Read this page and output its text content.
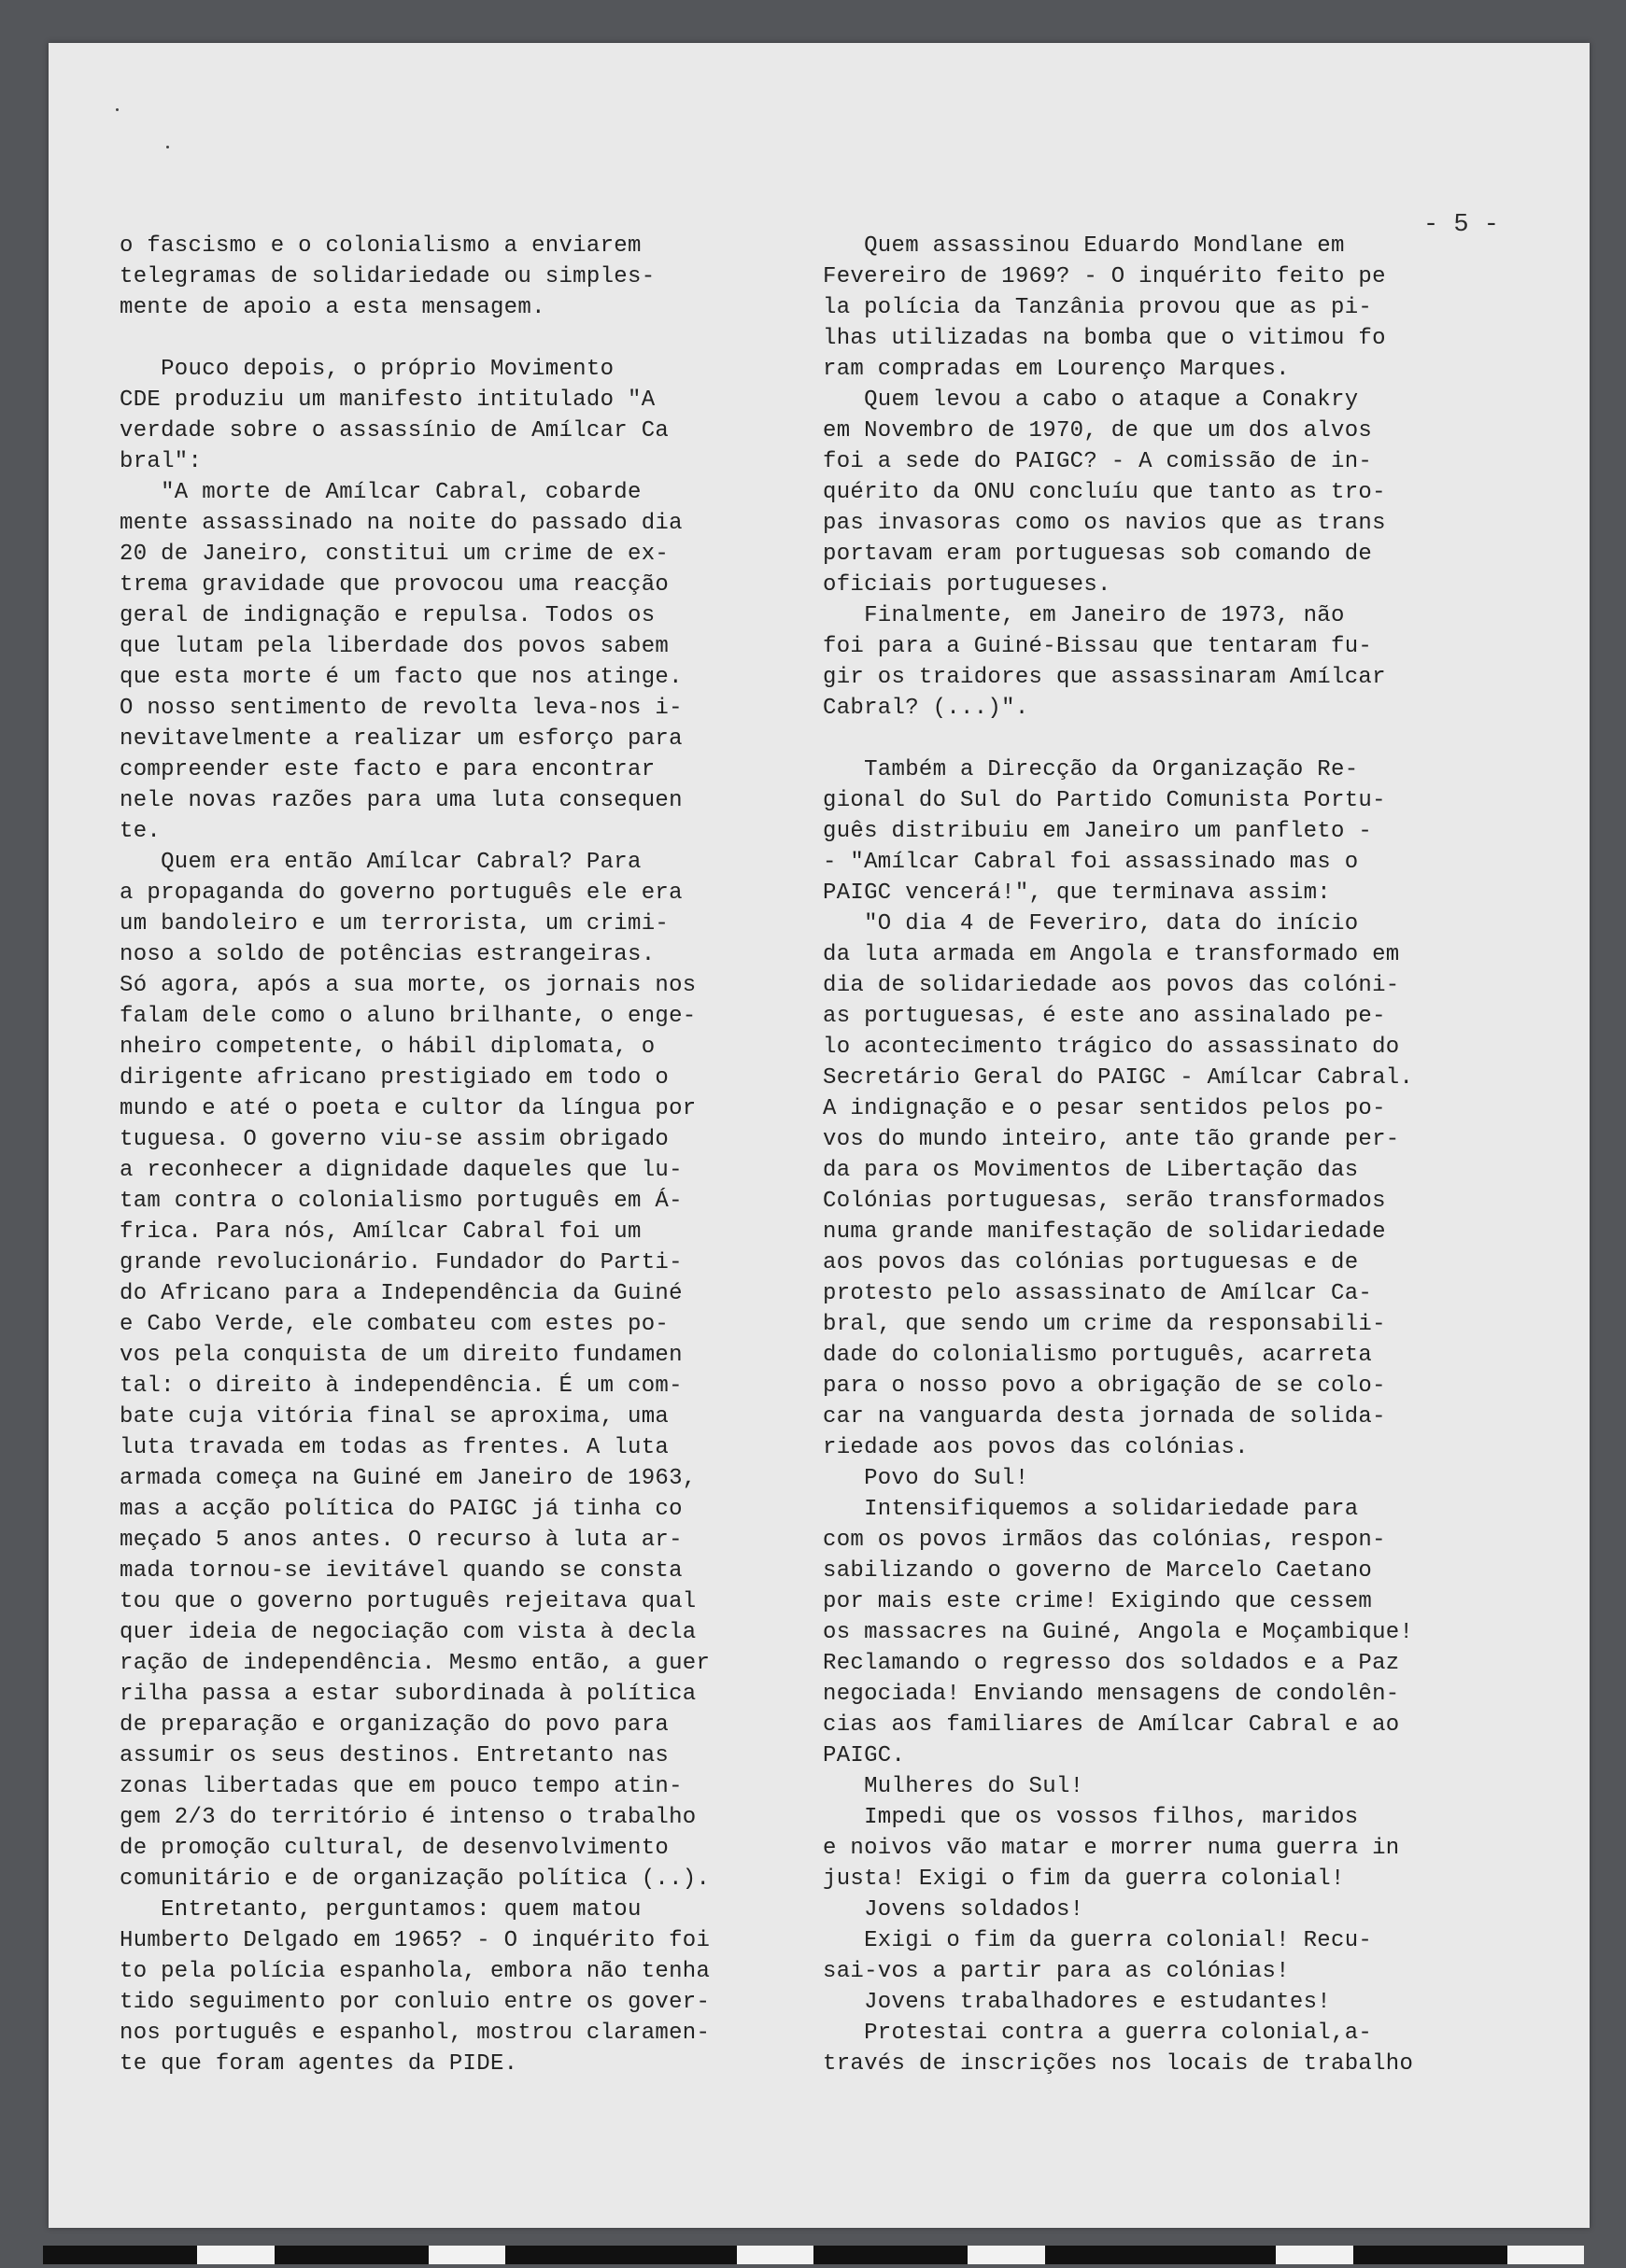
- 5 -
o fascismo e o colonialismo a enviarem
telegramas de solidariedade ou simples-
mente de apoio a esta mensagem.
Pouco depois, o próprio Movimento
CDE produziu um manifesto intitulado "A
verdade sobre o assassínio de Amílcar Ca
bral":
"A morte de Amílcar Cabral, cobarde
mente assassinado na noite do passado dia
20 de Janeiro, constitui um crime de ex-
trema gravidade que provocou uma reacção
geral de indignação e repulsa. Todos os
que lutam pela liberdade dos povos sabem
que esta morte é um facto que nos atinge.
O nosso sentimento de revolta leva-nos i-
nevitavelmente a realizar um esforço para
compreender este facto e para encontrar
nele novas razões para uma luta consequen
te.
Quem era então Amílcar Cabral? Para
a propaganda do governo português ele era
um bandoleiro e um terrorista, um crimi-
noso a soldo de potências estrangeiras.
Só agora, após a sua morte, os jornais nos
falam dele como o aluno brilhante, o enge-
nheiro competente, o hábil diplomata, o
dirigente africano prestigiado em todo o
mundo e até o poeta e cultor da língua por
tuguesa. O governo viu-se assim obrigado
a reconhecer a dignidade daqueles que lu-
tam contra o colonialismo português em Á-
frica. Para nós, Amílcar Cabral foi um
grande revolucionário. Fundador do Parti-
do Africano para a Independência da Guiné
e Cabo Verde, ele combateu com estes po-
vos pela conquista de um direito fundamen
tal: o direito à independência. É um com-
bate cuja vitória final se aproxima, uma
luta travada em todas as frentes. A luta
armada começa na Guiné em Janeiro de 1963,
mas a acção política do PAIGC já tinha co
meçado 5 anos antes. O recurso à luta ar-
mada tornou-se ievitável quando se consta
tou que o governo português rejeitava qual
quer ideia de negociação com vista à decla
ração de independência. Mesmo então, a guer
rilha passa a estar subordinada à política
de preparação e organização do povo para
assumir os seus destinos. Entretanto nas
zonas libertadas que em pouco tempo atin-
gem 2/3 do território é intenso o trabalho
de promoção cultural, de desenvolvimento
comunitário e de organização política (..).
Entretanto, perguntamos: quem matou
Humberto Delgado em 1965? - O inquérito foi
to pela polícia espanhola, embora não tenha
tido seguimento por conluio entre os gover-
nos português e espanhol, mostrou claramen-
te que foram agentes da PIDE.
Quem assassinou Eduardo Mondlane em
Fevereiro de 1969? - O inquérito feito pe
la polícia da Tanzânia provou que as pi-
lhas utilizadas na bomba que o vitimou fo
ram compradas em Lourenço Marques.
Quem levou a cabo o ataque a Conakry
em Novembro de 1970, de que um dos alvos
foi a sede do PAIGC? - A comissão de in-
quérito da ONU concluíu que tanto as tro-
pas invasoras como os navios que as trans
portavam eram portuguesas sob comando de
oficiais portugueses.
Finalmente, em Janeiro de 1973, não
foi para a Guiné-Bissau que tentaram fu-
gir os traidores que assassinaram Amílcar
Cabral? (...)".
Também a Direcção da Organização Re-
gional do Sul do Partido Comunista Portu-
guês distribuiu em Janeiro um panfleto -
- "Amílcar Cabral foi assassinado mas o
PAIGC vencerá!", que terminava assim:
"O dia 4 de Feveriro, data do início
da luta armada em Angola e transformado em
dia de solidariedade aos povos das colóni-
as portuguesas, é este ano assinalado pe-
lo acontecimento trágico do assassinato do
Secretário Geral do PAIGC - Amílcar Cabral.
A indignação e o pesar sentidos pelos po-
vos do mundo inteiro, ante tão grande per-
da para os Movimentos de Libertação das
Colónias portuguesas, serão transformados
numa grande manifestação de solidariedade
aos povos das colónias portuguesas e de
protesto pelo assassinato de Amílcar Ca-
bral, que sendo um crime da responsabili-
dade do colonialismo português, acarreta
para o nosso povo a obrigação de se colo-
car na vanguarda desta jornada de solida-
riedade aos povos das colónias.
Povo do Sul!
Intensifiquemos a solidariedade para
com os povos irmãos das colónias, respon-
sabilizando o governo de Marcelo Caetano
por mais este crime! Exigindo que cessem
os massacres na Guiné, Angola e Moçambique!
Reclamando o regresso dos soldados e a Paz
negociada! Enviando mensagens de condolên-
cias aos familiares de Amílcar Cabral e ao
PAIGC.
Mulheres do Sul!
Impedi que os vossos filhos, maridos
e noivos vão matar e morrer numa guerra in
justa! Exigi o fim da guerra colonial!
Jovens soldados!
Exigi o fim da guerra colonial! Recu-
sai-vos a partir para as colónias!
Jovens trabalhadores e estudantes!
Protestai contra a guerra colonial,a-
través de inscrições nos locais de trabalho
